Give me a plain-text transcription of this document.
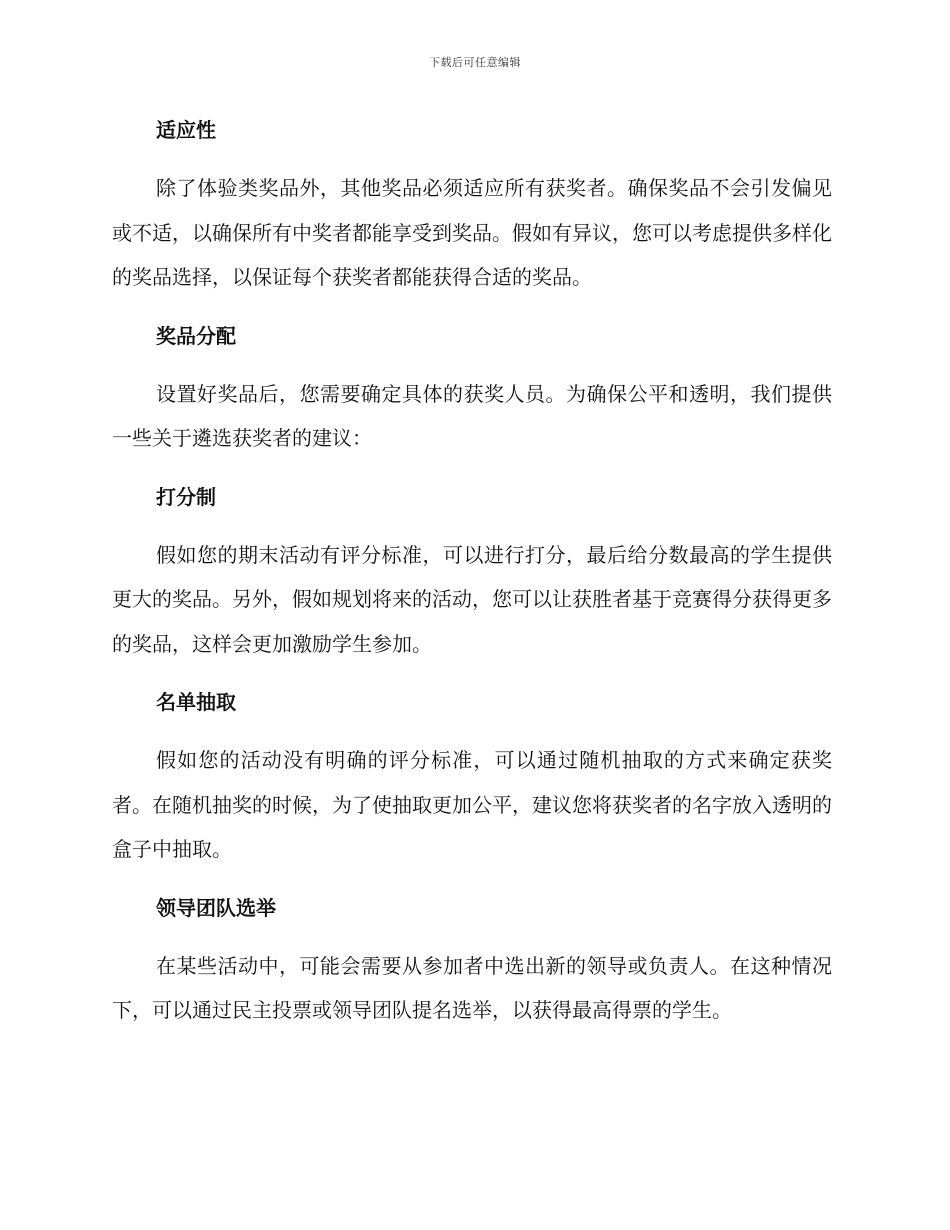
下载后可任意编辑
适应性

除了体验类奖品外，其他奖品必须适应所有获奖者。确保奖品不会引发偏见或不适，以确保所有中奖者都能享受到奖品。假如有异议，您可以考虑提供多样化的奖品选择，以保证每个获奖者都能获得合适的奖品。

奖品分配

设置好奖品后，您需要确定具体的获奖人员。为确保公平和透明，我们提供一些关于遴选获奖者的建议：

打分制

假如您的期末活动有评分标准，可以进行打分，最后给分数最高的学生提供更大的奖品。另外，假如规划将来的活动，您可以让获胜者基于竞赛得分获得更多的奖品，这样会更加激励学生参加。

名单抽取

假如您的活动没有明确的评分标准，可以通过随机抽取的方式来确定获奖者。在随机抽奖的时候，为了使抽取更加公平，建议您将获奖者的名字放入透明的盒子中抽取。

领导团队选举

在某些活动中，可能会需要从参加者中选出新的领导或负责人。在这种情况下，可以通过民主投票或领导团队提名选举，以获得最高得票的学生。
